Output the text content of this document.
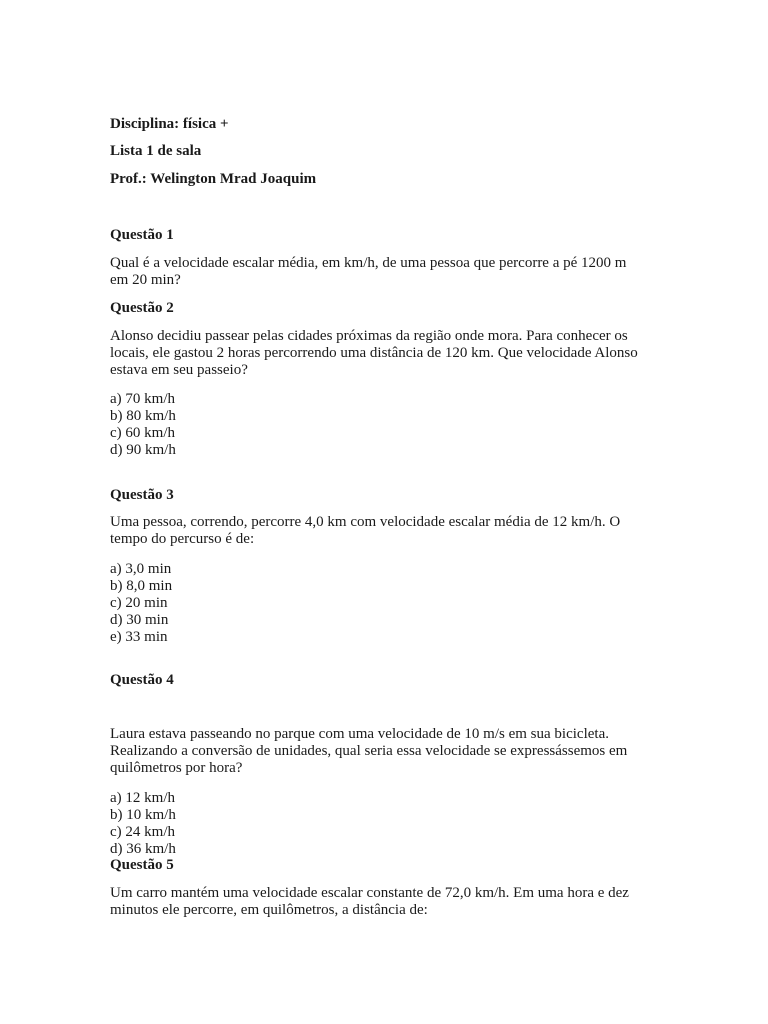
Disciplina: física +
Lista 1 de sala
Prof.: Welington Mrad Joaquim
Questão 1
Qual é a velocidade escalar média, em km/h, de uma pessoa que percorre a pé 1200 m
em 20 min?
Questão 2
Alonso decidiu passear pelas cidades próximas da região onde mora. Para conhecer os
locais, ele gastou 2 horas percorrendo uma distância de 120 km. Que velocidade Alonso
estava em seu passeio?
a) 70 km/h
b) 80 km/h
c) 60 km/h
d) 90 km/h
Questão 3
Uma pessoa, correndo, percorre 4,0 km com velocidade escalar média de 12 km/h. O
tempo do percurso é de:
a) 3,0 min
b) 8,0 min
c) 20 min
d) 30 min
e) 33 min
Questão 4
Laura estava passeando no parque com uma velocidade de 10 m/s em sua bicicleta.
Realizando a conversão de unidades, qual seria essa velocidade se expressássemos em
quilômetros por hora?
a) 12 km/h
b) 10 km/h
c) 24 km/h
d) 36 km/h
Questão 5
Um carro mantém uma velocidade escalar constante de 72,0 km/h. Em uma hora e dez
minutos ele percorre, em quilômetros, a distância de:
